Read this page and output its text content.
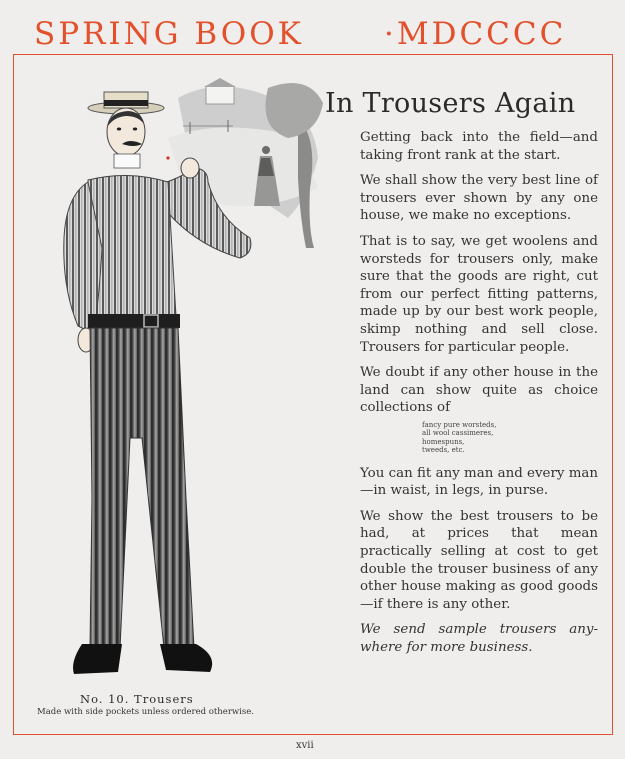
SPRING BOOK	·MDCCCC
No. 10. Trousers
Made with side pockets unless ordered otherwise.
In Trousers Again

Getting back into the field—and taking front rank at the start.

We shall show the very best line of trousers ever shown by any one house, we make no exceptions.

That is to say, we get woolens and worsteds for trousers only, make sure that the goods are right, cut from our perfect fitting patterns, made up by our best work people, skimp nothing and sell close. Trousers for particular people.

We doubt if any other house in the land can show quite as choice collections of

fancy pure worsteds,
all wool cassimeres,
homespuns,
tweeds, etc.

You can fit any man and every man—in waist, in legs, in purse.

We show the best trousers to be had, at prices that mean practically selling at cost to get double the trouser business of any other house making as good goods—if there is any other.

We send sample trousers any-where for more business.

xvii
